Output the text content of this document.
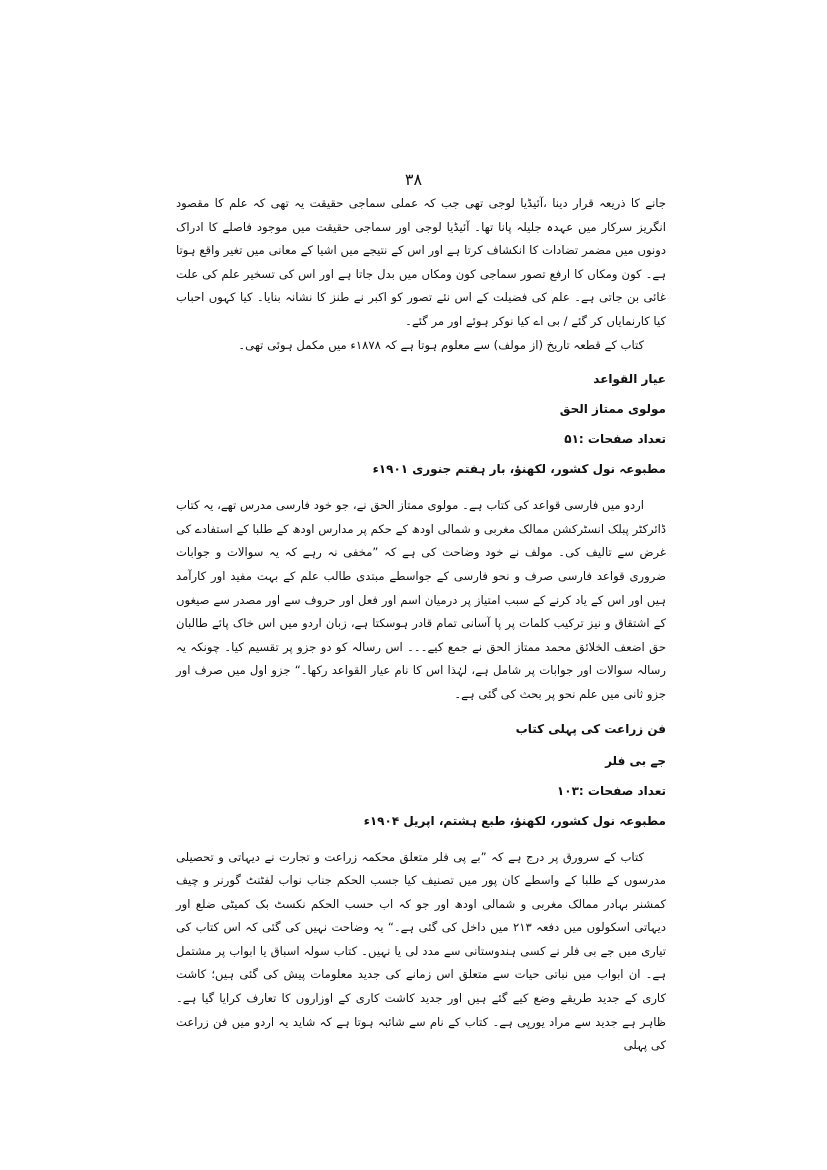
۳۸

جانے کا ذریعہ قرار دینا ،آئیڈیا لوجی تھی جب کہ عملی سماجی حقیقت یہ تھی کہ علم کا مقصود انگریز سرکار میں عہدہ جلیلہ پانا تھا۔ آئیڈیا لوجی اور سماجی حقیقت میں موجود فاصلے کا ادراک دونوں میں مضمر تضادات کا انکشاف کرتا ہے اور اس کے نتیجے میں اشیا کے معانی میں تغیر واقع ہوتا ہے۔ کون ومکاں کا ارفع تصور سماجی کون ومکاں میں بدل جاتا ہے اور اس کی تسخیر علم کی علت غائی بن جاتی ہے۔ علم کی فضیلت کے اس نئے تصور کو اکبر نے طنز کا نشانہ بنایا۔ کیا کہوں احباب کیا کارنمایاں کر گئے / بی اے کیا نوکر ہوئے اور مر گئے۔

کتاب کے قطعہ تاریخ (از مولف) سے معلوم ہوتا ہے کہ ۱۸۷۸ء میں مکمل ہوئی تھی۔

عیار القواعد

مولوی ممتاز الحق

تعداد صفحات :۵۱

مطبوعہ نول کشور، لکھنؤ، بار ہفتم جنوری ۱۹۰۱ء

اردو میں فارسی قواعد کی کتاب ہے۔ مولوی ممتاز الحق نے، جو خود فارسی مدرس تھے، یہ کتاب ڈائرکٹر پبلک انسٹرکشن ممالک مغربی و شمالی اودھ کے حکم پر مدارس اودھ کے طلبا کے استفادے کی غرض سے تالیف کی۔ مولف نے خود وضاحت کی ہے کہ ”مخفی نہ رہے کہ یہ سوالات و جوابات ضروری قواعد فارسی صرف و نحو فارسی کے جواسطے مبتدی طالب علم کے بہت مفید اور کارآمد ہیں اور اس کے یاد کرنے کے سبب امتیاز پر درمیان اسم اور فعل اور حروف سے اور مصدر سے صیغوں کے اشتقاق و نیز ترکیب کلمات پر پا آسانی تمام قادر ہوسکتا ہے، زبان اردو میں اس خاک پائے طالبان حق اضعف الخلائق محمد ممتاز الحق نے جمع کیے۔۔۔ اس رسالہ کو دو جزو پر تقسیم کیا۔ چونکہ یہ رسالہ سوالات اور جوابات پر شامل ہے، لہٰذا اس کا نام عیار القواعد رکھا۔“ جزو اول میں صرف اور جزو ثانی میں علم نحو پر بحث کی گئی ہے۔

فن زراعت کی پہلی کتاب

جے بی فلر

تعداد صفحات :۱۰۳

مطبوعہ نول کشور، لکھنؤ، طبع ہشتم، اپریل ۱۹۰۴ء

کتاب کے سرورق پر درج ہے کہ ”بے پی فلر متعلق محکمہ زراعت و تجارت نے دیہاتی و تحصیلی مدرسوں کے طلبا کے واسطے کان پور میں تصنیف کیا جسب الحکم جناب نواب لفٹنٹ گورنر و چیف کمشنر بہادر ممالک مغربی و شمالی اودھ اور جو کہ اب حسب الحکم نکسٹ بک کمیٹی ضلع اور دیہاتی اسکولوں میں دفعہ ۲۱۳ میں داخل کی گئی ہے۔“ یہ وضاحت نہیں کی گئی کہ اس کتاب کی تیاری میں جے بی فلر نے کسی ہندوستانی سے مدد لی یا نہیں۔ کتاب سولہ اسباق یا ابواب پر مشتمل ہے۔ ان ابواب میں نباتی حیات سے متعلق اس زمانے کی جدید معلومات پیش کی گئی ہیں؛ کاشت کاری کے جدید طریقے وضع کیے گئے ہیں اور جدید کاشت کاری کے اوزاروں کا تعارف کرایا گیا ہے۔ ظاہر ہے جدید سے مراد یورپی ہے۔ کتاب کے نام سے شائبہ ہوتا ہے کہ شاید یہ اردو میں فن زراعت کی پہلی
